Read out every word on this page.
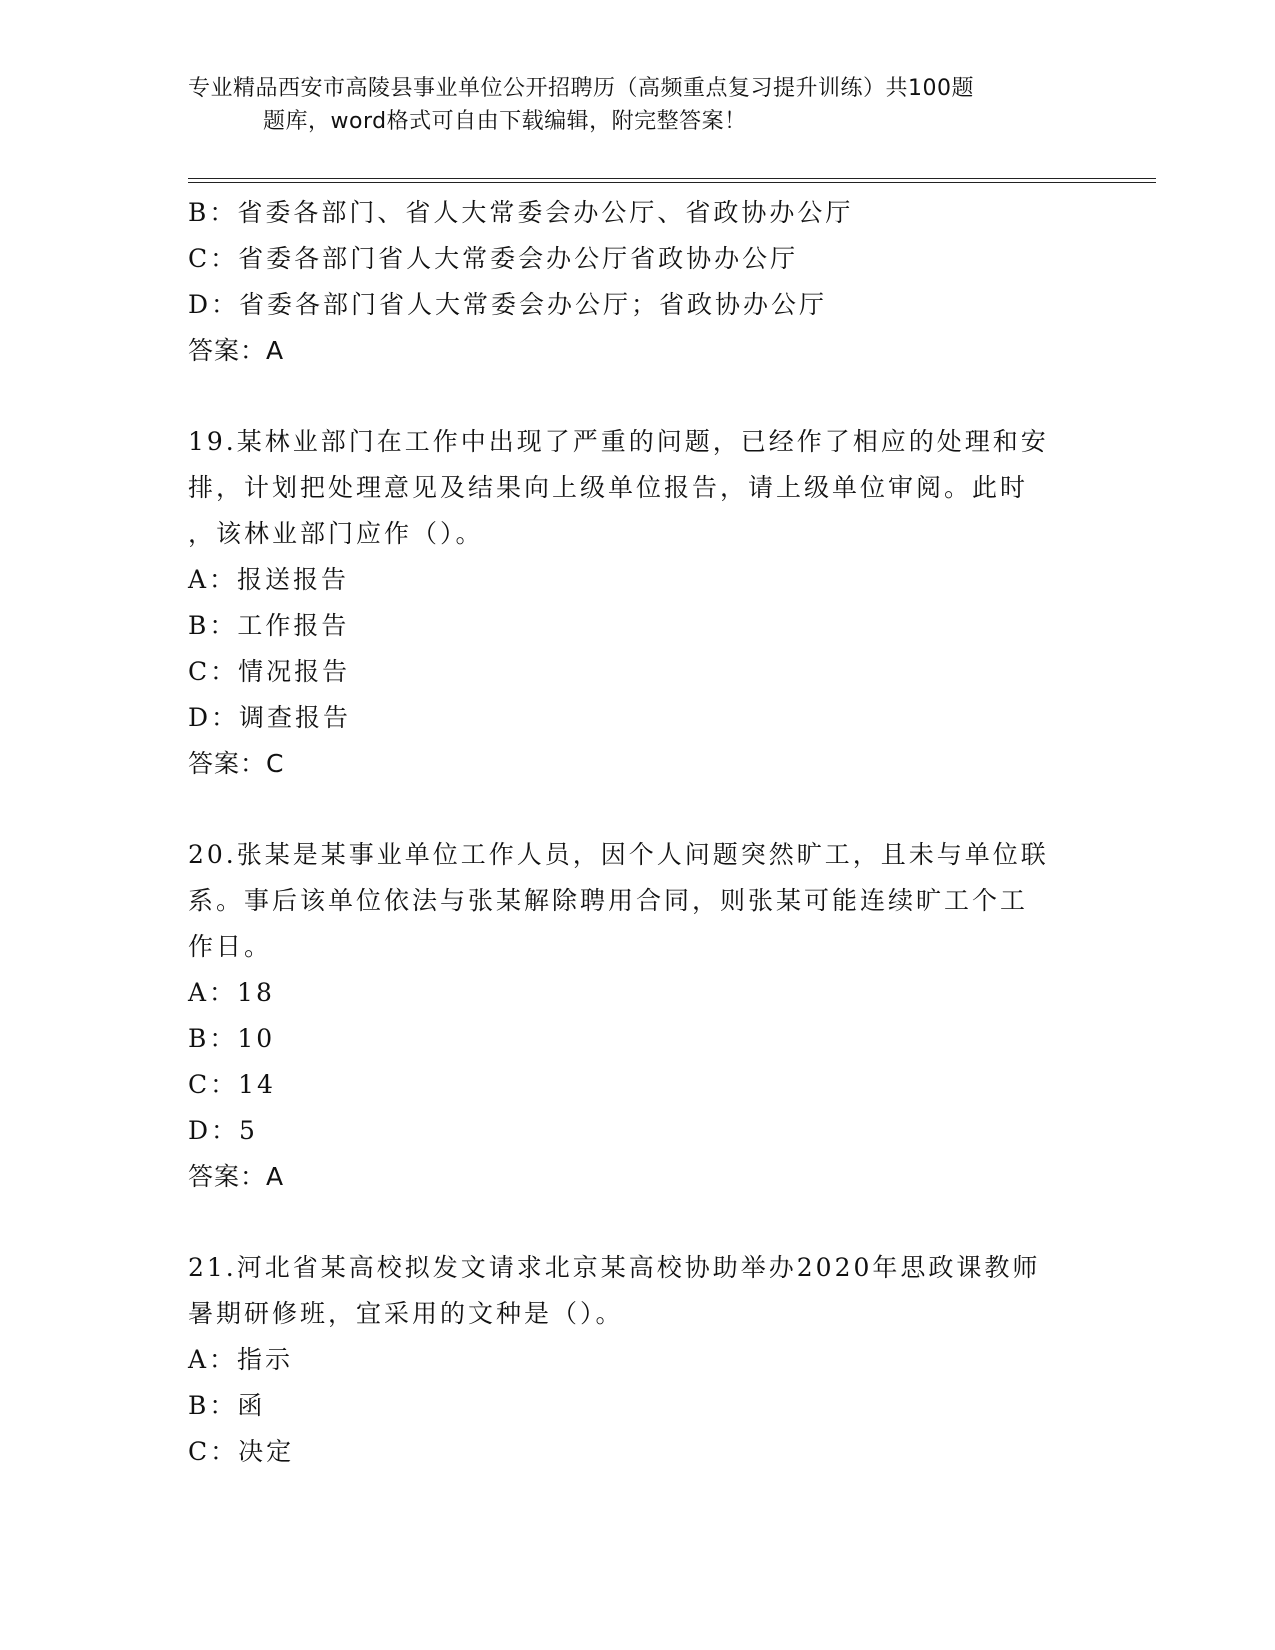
专业精品西安市高陵县事业单位公开招聘历（高频重点复习提升训练）共100题
题库，word格式可自由下载编辑，附完整答案！
B：省委各部门、省人大常委会办公厅、省政协办公厅
C：省委各部门省人大常委会办公厅省政协办公厅
D：省委各部门省人大常委会办公厅；省政协办公厅
答案：A
19.某林业部门在工作中出现了严重的问题，已经作了相应的处理和安
排，计划把处理意见及结果向上级单位报告，请上级单位审阅。此时
，该林业部门应作（）。
A：报送报告
B：工作报告
C：情况报告
D：调查报告
答案：C
20.张某是某事业单位工作人员，因个人问题突然旷工，且未与单位联
系。事后该单位依法与张某解除聘用合同，则张某可能连续旷工个工
作日。
A：18
B：10
C：14
D：5
答案：A
21.河北省某高校拟发文请求北京某高校协助举办2020年思政课教师
暑期研修班，宜采用的文种是（）。
A：指示
B：函
C：决定
